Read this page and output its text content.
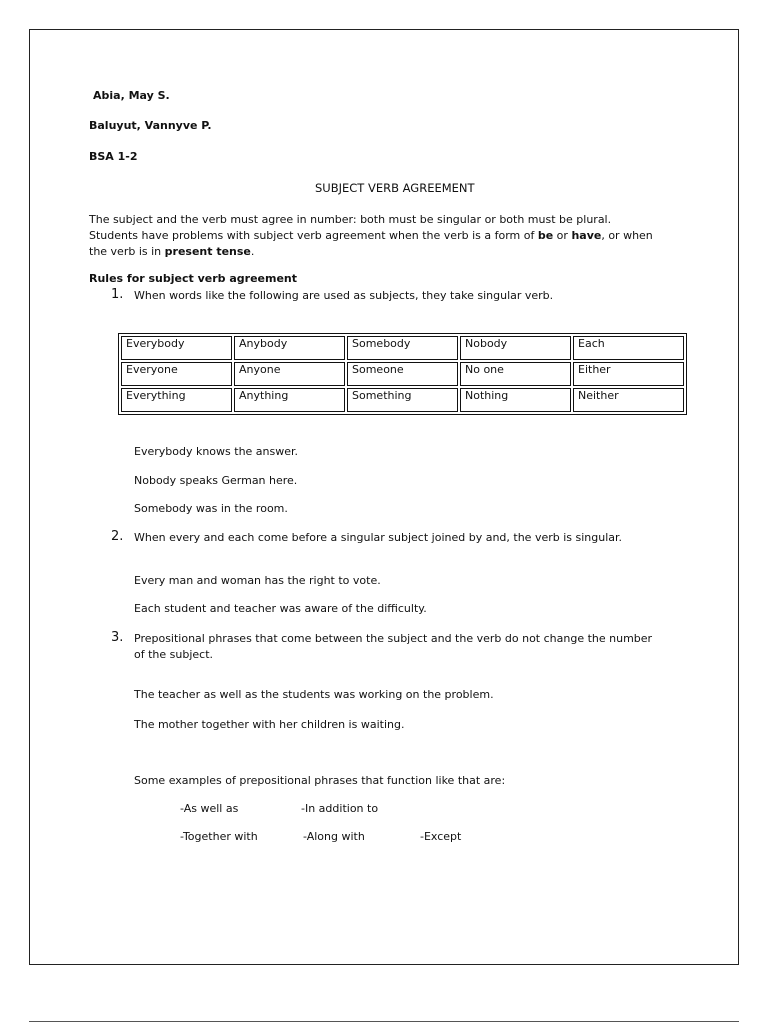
Abia, May S.
Baluyut, Vannyve P.
BSA 1-2
SUBJECT VERB AGREEMENT
The subject and the verb must agree in number: both must be singular or both must be plural.
Students have problems with subject verb agreement when the verb is a form of be or have, or when
the verb is in present tense.
Rules for subject verb agreement
1. When words like the following are used as subjects, they take singular verb.
Everybody	Anybody	Somebody	Nobody	Each
Everyone	Anyone	Someone	No one	Either
Everything	Anything	Something	Nothing	Neither
Everybody knows the answer.
Nobody speaks German here.
Somebody was in the room.
2. When every and each come before a singular subject joined by and, the verb is singular.
Every man and woman has the right to vote.
Each student and teacher was aware of the difficulty.
3. Prepositional phrases that come between the subject and the verb do not change the number
of the subject.
The teacher as well as the students was working on the problem.
The mother together with her children is waiting.
Some examples of prepositional phrases that function like that are:
-As well as	-In addition to
-Together with	-Along with	-Except
